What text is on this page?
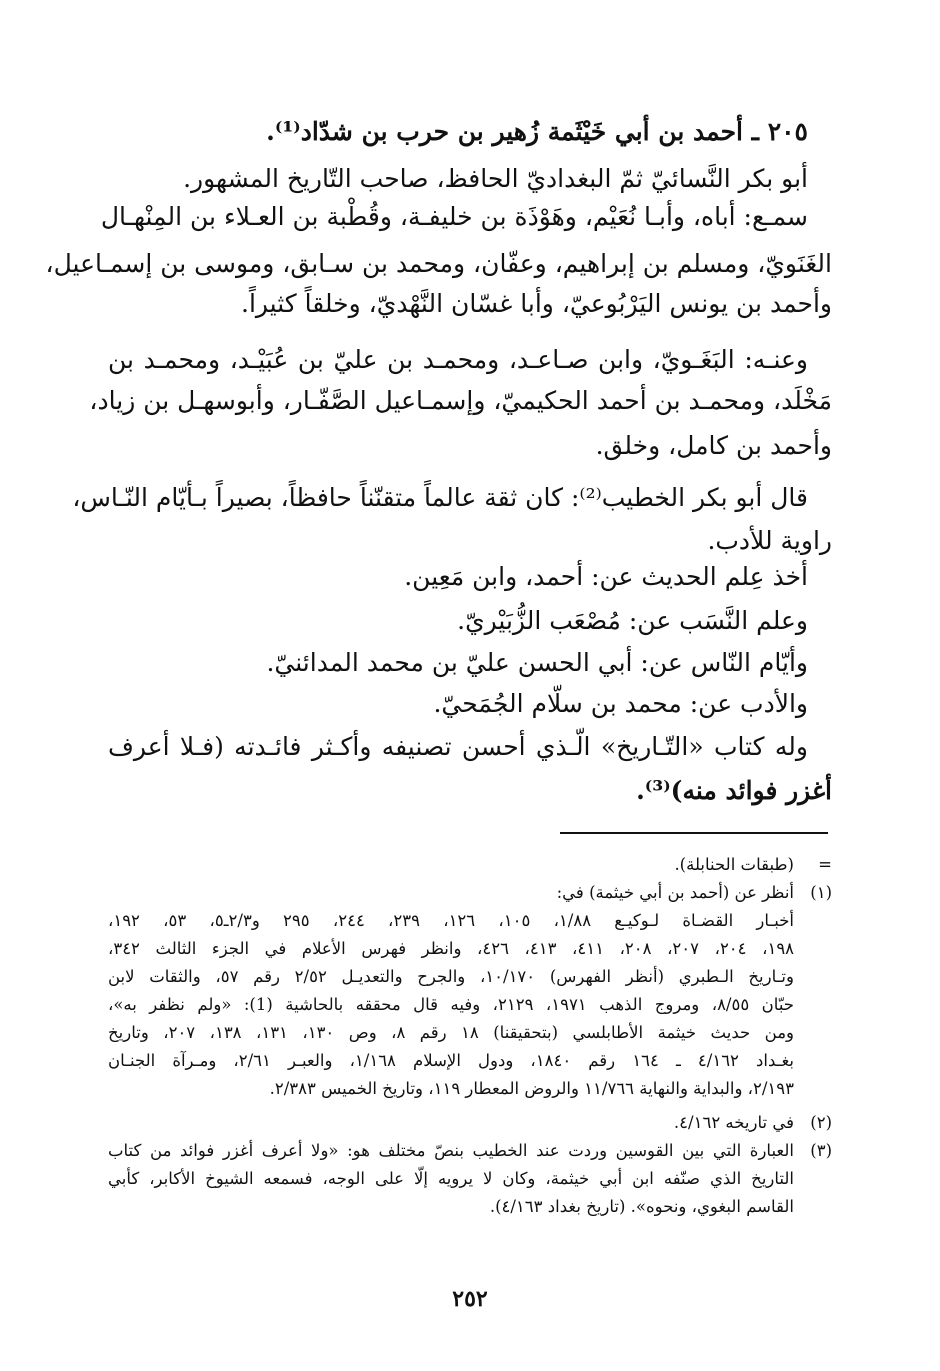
٢٠٥ ـ أحمد بن أبي خَيْثَمة زُهير بن حرب بن شدّاد⁽¹⁾.
أبو بكر النَّسائيّ ثمّ البغداديّ الحافظ، صاحب التّاريخ المشهور.
سمـع: أباه، وأبـا نُعَيْم، وهَوْذَة بن خليفـة، وقُطْبة بن العـلاء بن المِنْهـال
الغَنَويّ، ومسلم بن إبراهيم، وعفّان، ومحمد بن سـابق، وموسى بن إسمـاعيل،
وأحمد بن يونس اليَرْبُوعيّ، وأبا غسّان النَّهْديّ، وخلقاً كثيراً.
وعنـه: البَغَـويّ، وابن صـاعـد، ومحمـد بن عليّ بن عُبَيْـد، ومحمـد بن
مَخْلَد، ومحمـد بن أحمد الحكيميّ، وإسمـاعيل الصَّفّـار، وأبوسهـل بن زياد،
وأحمد بن كامل، وخلق.
قال أبو بكر الخطيب⁽²⁾: كان ثقة عالماً متقنّناً حافظاً، بصيراً بـأيّام النّـاس،
راوية للأدب.
أخذ عِلم الحديث عن: أحمد، وابن مَعِين.
وعلم النَّسَب عن: مُصْعَب الزُّبَيْريّ.
وأيّام النّاس عن: أبي الحسن عليّ بن محمد المدائنيّ.
والأدب عن: محمد بن سلّام الجُمَحيّ.
وله كتاب «التّـاريخ» الّـذي أحسن تصنيفه وأكـثر فائـدته (فـلا أعرف
أغزر فوائد منه)⁽³⁾.
=
(طبقات الحنابلة).
(١)
أنظر عن (أحمد بن أبي خيثمة) في:
أخبـار القضـاة لـوكيـع ١/٨٨، ١٠٥، ١٢٦، ٢٣٩، ٢٤٤، ٢٩٥ و٢/٣ـ٥، ٥٣، ١٩٢،
١٩٨، ٢٠٤، ٢٠٧، ٢٠٨، ٤١١، ٤١٣، ٤٢٦، وانظر فهرس الأعلام في الجزء الثالث ٣٤٢،
وتـاريخ الـطبري (أنظر الفهرس) ١٠/١٧٠، والجرح والتعديـل ٢/٥٢ رقم ٥٧، والثقات لابن
حبّان ٨/٥٥، ومروج الذهب ١٩٧١، ٢١٢٩، وفيه قال محققه بالحاشية (1): «ولم نظفر به»،
ومن حديث خيثمة الأطابلسي (بتحقيقنا) ١٨ رقم ٨، وص ١٣٠، ١٣١، ١٣٨، ٢٠٧، وتاريخ
بغـداد ٤/١٦٢ ـ ١٦٤ رقم ١٨٤٠، ودول الإسلام ١/١٦٨، والعبـر ٢/٦١، ومـرآة الجنـان
٢/١٩٣، والبداية والنهاية ١١/٧٦٦ والروض المعطار ١١٩، وتاريخ الخميس ٢/٣٨٣.
(٢)
في تاريخه ٤/١٦٢.
(٣)
العبارة التي بين القوسين وردت عند الخطيب بنصّ مختلف هو: «ولا أعرف أغزر فوائد من كتاب
التاريخ الذي صنّفه ابن أبي خيثمة، وكان لا يرويه إلّا على الوجه، فسمعه الشيوخ الأكابر، كأبي
القاسم البغوي، ونحوه». (تاريخ بغداد ٤/١٦٣).
٢٥٢
